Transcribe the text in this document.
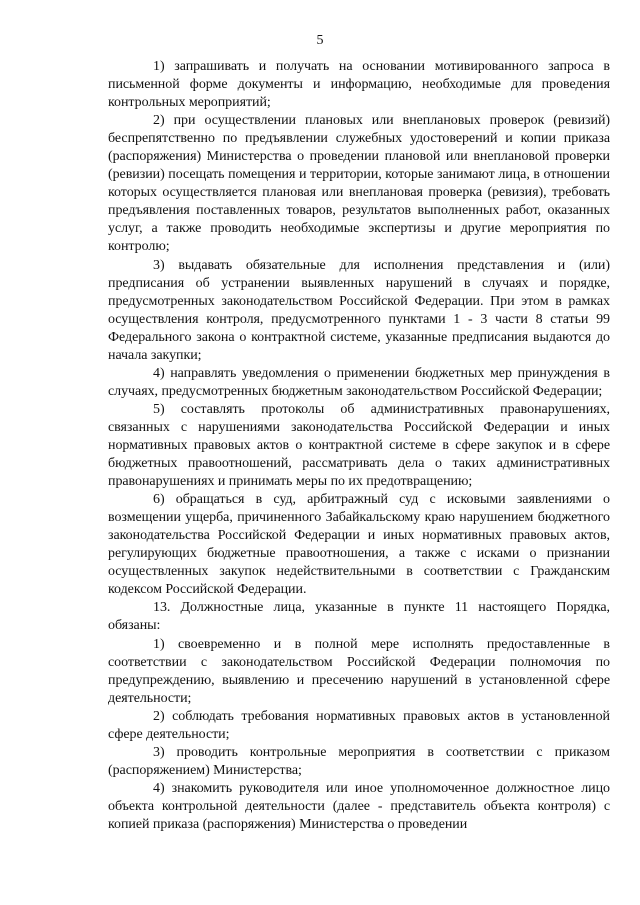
5

1) запрашивать и получать на основании мотивированного запроса в письменной форме документы и информацию, необходимые для проведения контрольных мероприятий;

2) при осуществлении плановых или внеплановых проверок (ревизий) беспрепятственно по предъявлении служебных удостоверений и копии приказа (распоряжения) Министерства о проведении плановой или внеплановой проверки (ревизии) посещать помещения и территории, которые занимают лица, в отношении которых осуществляется плановая или внеплановая проверка (ревизия), требовать предъявления поставленных товаров, результатов выполненных работ, оказанных услуг, а также проводить необходимые экспертизы и другие мероприятия по контролю;

3) выдавать обязательные для исполнения представления и (или) предписания об устранении выявленных нарушений в случаях и порядке, предусмотренных законодательством Российской Федерации. При этом в рамках осуществления контроля, предусмотренного пунктами 1 - 3 части 8 статьи 99 Федерального закона о контрактной системе, указанные предписания выдаются до начала закупки;

4) направлять уведомления о применении бюджетных мер принуждения в случаях, предусмотренных бюджетным законодательством Российской Федерации;

5) составлять протоколы об административных правонарушениях, связанных с нарушениями законодательства Российской Федерации и иных нормативных правовых актов о контрактной системе в сфере закупок и в сфере бюджетных правоотношений, рассматривать дела о таких административных правонарушениях и принимать меры по их предотвращению;

6) обращаться в суд, арбитражный суд с исковыми заявлениями о возмещении ущерба, причиненного Забайкальскому краю нарушением бюджетного законодательства Российской Федерации и иных нормативных правовых актов, регулирующих бюджетные правоотношения, а также с исками о признании осуществленных закупок недействительными в соответствии с Гражданским кодексом Российской Федерации.

13. Должностные лица, указанные в пункте 11 настоящего Порядка, обязаны:

1) своевременно и в полной мере исполнять предоставленные в соответствии с законодательством Российской Федерации полномочия по предупреждению, выявлению и пресечению нарушений в установленной сфере деятельности;

2) соблюдать требования нормативных правовых актов в установленной сфере деятельности;

3) проводить контрольные мероприятия в соответствии с приказом (распоряжением) Министерства;

4) знакомить руководителя или иное уполномоченное должностное лицо объекта контрольной деятельности (далее - представитель объекта контроля) с копией приказа (распоряжения) Министерства о проведении
